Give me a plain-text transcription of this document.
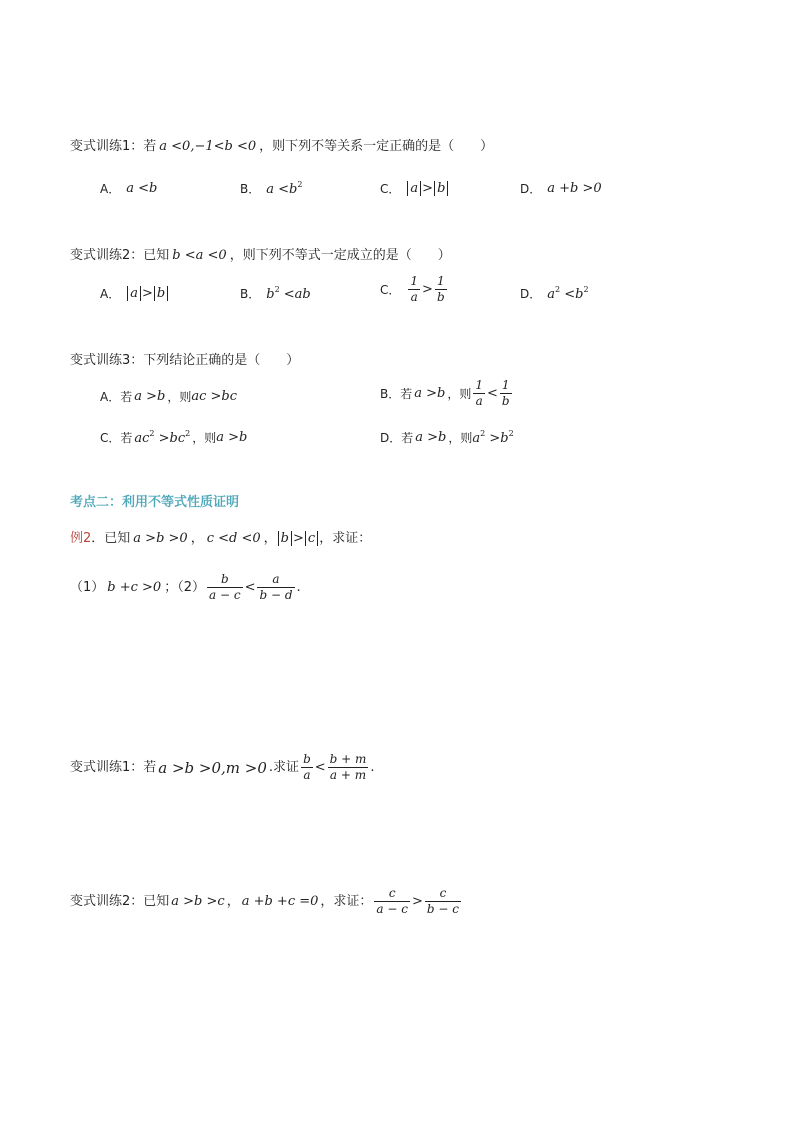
变式训练1：若 a <0,−1<b <0 ，则下列不等关系一定正确的是（　　）
A． a <b	B． $a <b^2$	C． a > b	D． a +b >0
变式训练2：已知 b <a <0 ，则下列不等式一定成立的是（　　）
A． a > b	B． $b^2 <ab$	C． $\frac{1}{a} > \frac{1}{b}$	D． $a^2 <b^2$
变式训练3：下列结论正确的是（　　）
A．若 a >b ，则 ac >bc	B．若 a >b ，则 $\frac{1}{a} < \frac{1}{b}$
C．若 $ac^2 >bc^2$ ，则 a >b	D．若 a >b ，则 $a^2 >b^2$
考点二：利用不等式性质证明
例2 ．已知 a >b >0 ， c <d <0 ， b > c ，求证：
（1） b +c >0 ；$(2) \frac{b}{a - c} < \frac{a}{b - d}$ .
变式训练1：若 a >b >0,m >0 .求证 $\frac{b}{a} < \frac{b + m}{a + m}$ .
变式训练2：已知 a >b >c ， a +b +c =0 ，求证： $\frac{c}{a - c} > \frac{c}{b - c}$
